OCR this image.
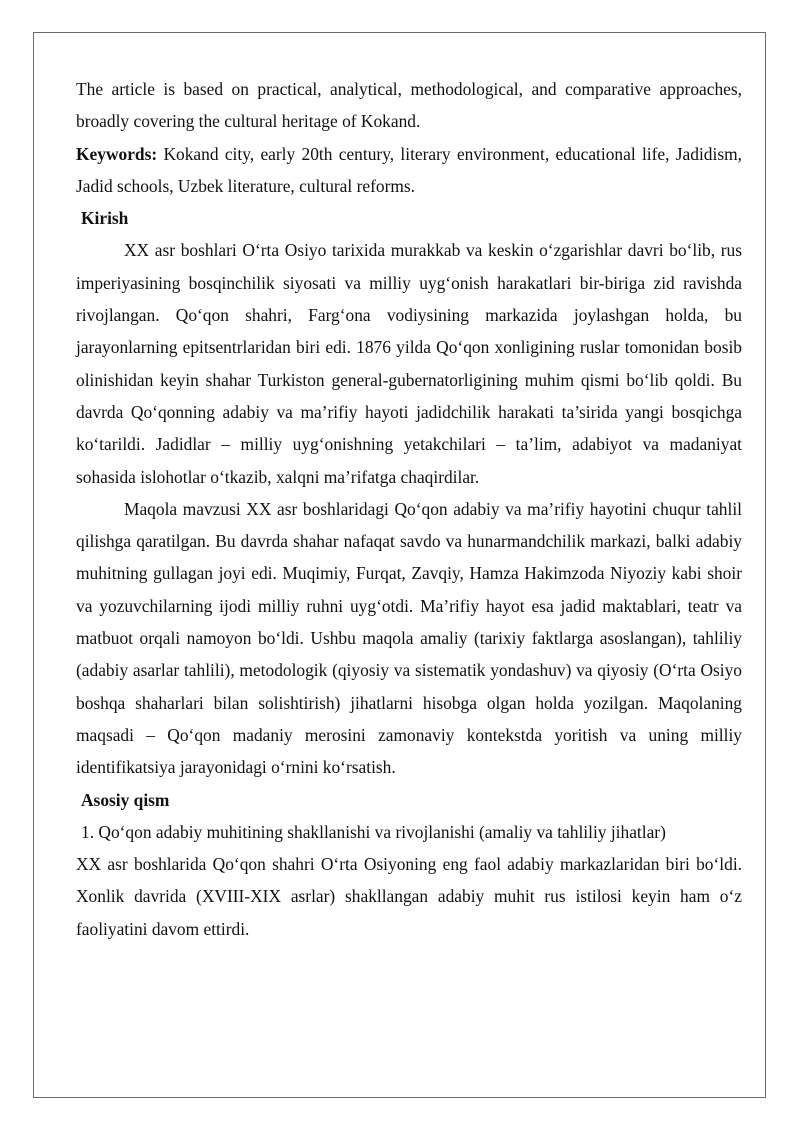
The article is based on practical, analytical, methodological, and comparative approaches, broadly covering the cultural heritage of Kokand.

Keywords: Kokand city, early 20th century, literary environment, educational life, Jadidism, Jadid schools, Uzbek literature, cultural reforms.

Kirish

XX asr boshlari O‘rta Osiyo tarixida murakkab va keskin o‘zgarishlar davri bo‘lib, rus imperiyasining bosqinchilik siyosati va milliy uyg‘onish harakatlari bir-biriga zid ravishda rivojlangan. Qo‘qon shahri, Farg‘ona vodiysining markazida joylashgan holda, bu jarayonlarning epitsentrlaridan biri edi. 1876 yilda Qo‘qon xonligining ruslar tomonidan bosib olinishidan keyin shahar Turkiston general-gubernatorligining muhim qismi bo‘lib qoldi. Bu davrda Qo‘qonning adabiy va ma’rifiy hayoti jadidchilik harakati ta’sirida yangi bosqichga ko‘tarildi. Jadidlar – milliy uyg‘onishning yetakchilari – ta’lim, adabiyot va madaniyat sohasida islohotlar o‘tkazib, xalqni ma’rifatga chaqirdilar.

Maqola mavzusi XX asr boshlaridagi Qo‘qon adabiy va ma’rifiy hayotini chuqur tahlil qilishga qaratilgan. Bu davrda shahar nafaqat savdo va hunarmandchilik markazi, balki adabiy muhitning gullagan joyi edi. Muqimiy, Furqat, Zavqiy, Hamza Hakimzoda Niyoziy kabi shoir va yozuvchilarning ijodi milliy ruhni uyg‘otdi. Ma’rifiy hayot esa jadid maktablari, teatr va matbuot orqali namoyon bo‘ldi. Ushbu maqola amaliy (tarixiy faktlarga asoslangan), tahliliy (adabiy asarlar tahlili), metodologik (qiyosiy va sistematik yondashuv) va qiyosiy (O‘rta Osiyo boshqa shaharlari bilan solishtirish) jihatlarni hisobga olgan holda yozilgan. Maqolaning maqsadi – Qo‘qon madaniy merosini zamonaviy kontekstda yoritish va uning milliy identifikatsiya jarayonidagi o‘rnini ko‘rsatish.

Asosiy qism

1. Qo‘qon adabiy muhitining shakllanishi va rivojlanishi (amaliy va tahliliy jihatlar)

XX asr boshlarida Qo‘qon shahri O‘rta Osiyoning eng faol adabiy markazlaridan biri bo‘ldi. Xonlik davrida (XVIII-XIX asrlar) shakllangan adabiy muhit rus istilosi keyin ham o‘z faoliyatini davom ettirdi.
